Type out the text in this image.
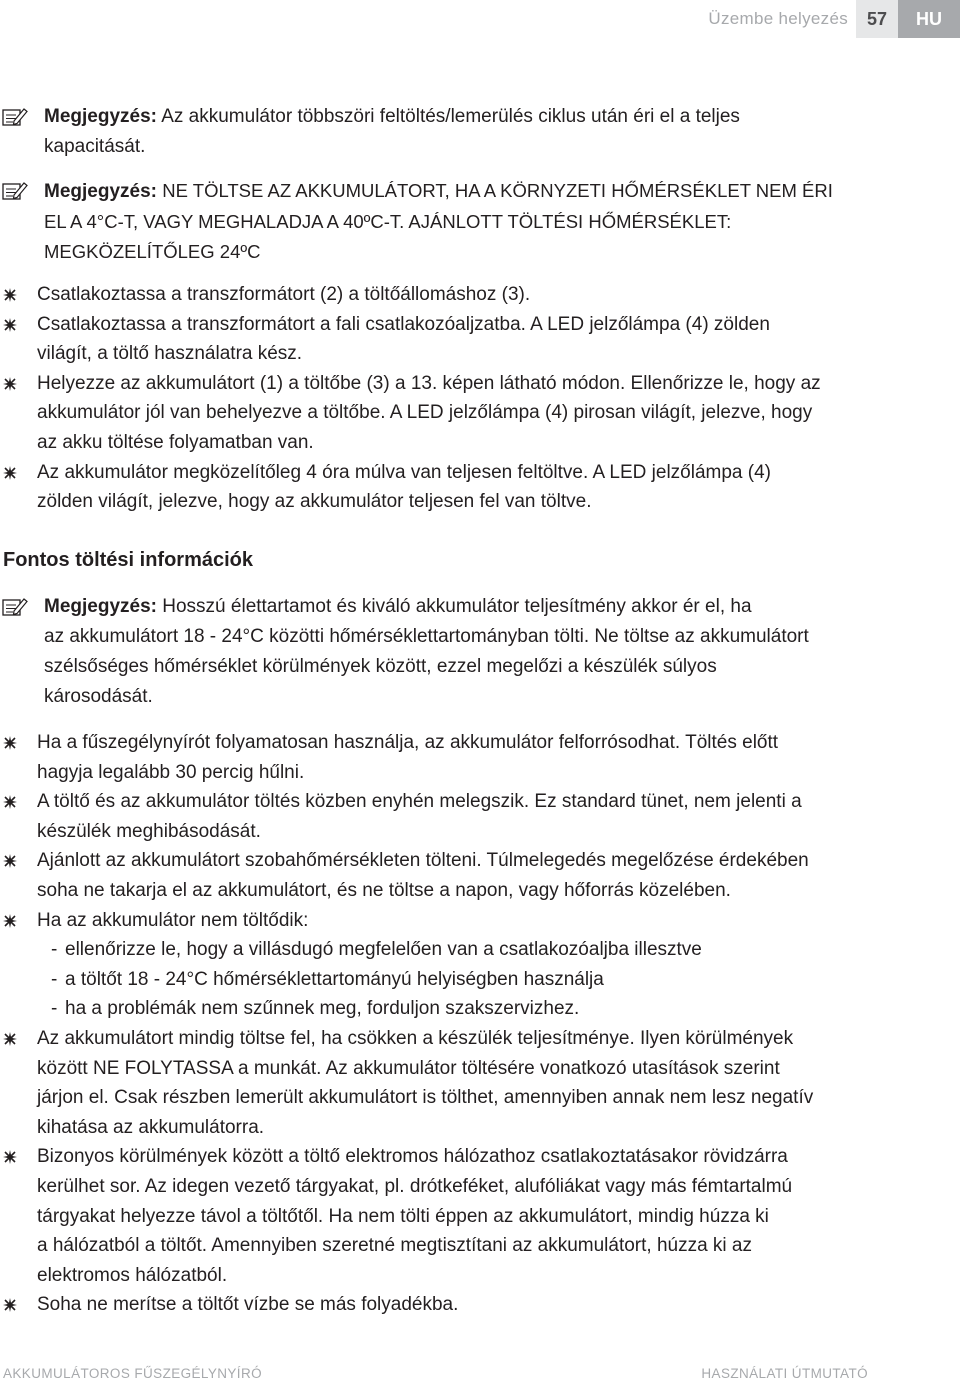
Üzembe helyezés	57	HU
Megjegyzés: Az akkumulátor többszöri feltöltés/lemerülés ciklus után éri el a teljes
kapacitását.
Megjegyzés: NE TÖLTSE AZ AKKUMULÁTORT, HA A KÖRNYZETI HŐMÉRSÉKLET NEM ÉRI
EL A 4°C-T, VAGY MEGHALADJA A 40ºC-T. AJÁNLOTT TÖLTÉSI HŐMÉRSÉKLET:
MEGKÖZELÍTŐLEG 24ºC
Csatlakoztassa a transzformátort (2) a töltőállomáshoz (3).
Csatlakoztassa a transzformátort a fali csatlakozóaljzatba. A LED jelzőlámpa (4) zölden
világít, a töltő használatra kész.
Helyezze az akkumulátort (1) a töltőbe (3) a 13. képen látható módon. Ellenőrizze le, hogy az
akkumulátor jól van behelyezve a töltőbe. A LED jelzőlámpa (4) pirosan világít, jelezve, hogy
az akku töltése folyamatban van.
Az akkumulátor megközelítőleg 4 óra múlva van teljesen feltöltve. A LED jelzőlámpa (4)
zölden világít, jelezve, hogy az akkumulátor teljesen fel van töltve.
Fontos töltési információk
Megjegyzés: Hosszú élettartamot és kiváló akkumulátor teljesítmény akkor ér el, ha
az akkumulátort 18 - 24°C közötti hőmérséklettartományban tölti. Ne töltse az akkumulátort
szélsőséges hőmérséklet körülmények között, ezzel megelőzi a készülék súlyos
károsodását.
Ha a fűszegélynyírót folyamatosan használja, az akkumulátor felforrósodhat. Töltés előtt
hagyja legalább 30 percig hűlni.
A töltő és az akkumulátor töltés közben enyhén melegszik. Ez standard tünet, nem jelenti a
készülék meghibásodását.
Ajánlott az akkumulátort szobahőmérsékleten tölteni. Túlmelegedés megelőzése érdekében
soha ne takarja el az akkumulátort, és ne töltse a napon, vagy hőforrás közelében.
Ha az akkumulátor nem töltődik:
- ellenőrizze le, hogy a villásdugó megfelelően van a csatlakozóaljba illesztve
- a töltőt 18 - 24°C hőmérséklettartományú helyiségben használja
- ha a problémák nem szűnnek meg, forduljon szakszervizhez.
Az akkumulátort mindig töltse fel, ha csökken a készülék teljesítménye. Ilyen körülmények
között NE FOLYTASSA a munkát. Az akkumulátor töltésére vonatkozó utasítások szerint
járjon el. Csak részben lemerült akkumulátort is tölthet, amennyiben annak nem lesz negatív
kihatása az akkumulátorra.
Bizonyos körülmények között a töltő elektromos hálózathoz csatlakoztatásakor rövidzárra
kerülhet sor. Az idegen vezető tárgyakat, pl. drótkeféket, alufóliákat vagy más fémtartalmú
tárgyakat helyezze távol a töltőtől. Ha nem tölti éppen az akkumulátort, mindig húzza ki
a hálózatból a töltőt. Amennyiben szeretné megtisztítani az akkumulátort, húzza ki az
elektromos hálózatból.
Soha ne merítse a töltőt vízbe se más folyadékba.
AKKUMULÁTOROS FŰSZEGÉLYNYÍRÓ	HASZNÁLATI ÚTMUTATÓ
